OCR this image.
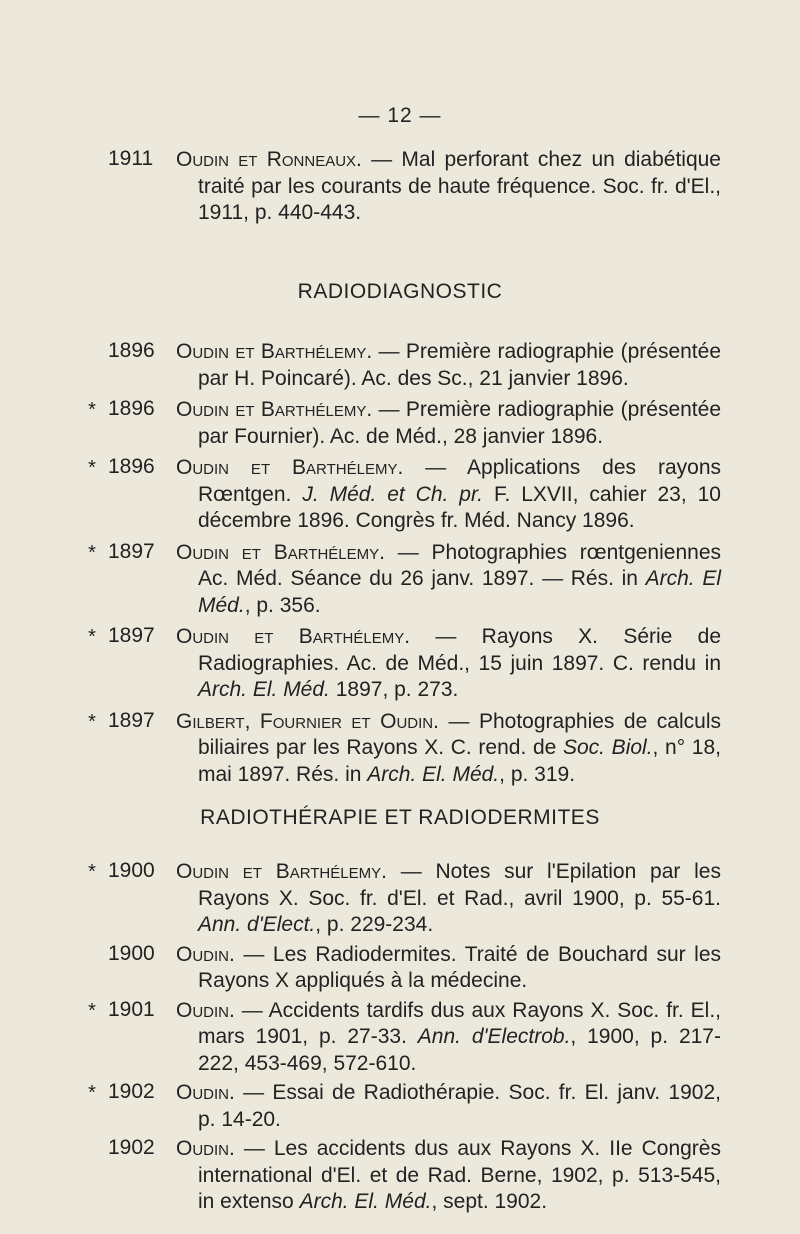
— 12 —
1911 Oudin et Ronneaux. — Mal perforant chez un diabétique traité par les courants de haute fréquence. Soc. fr. d'El., 1911, p. 440-443.
RADIODIAGNOSTIC
1896 Oudin et Barthélemy. — Première radiographie (présentée par H. Poincaré). Ac. des Sc., 21 janvier 1896.
* 1896 Oudin et Barthélemy. — Première radiographie (présentée par Fournier). Ac. de Méd., 28 janvier 1896.
* 1896 Oudin et Barthélemy. — Applications des rayons Rœntgen. J. Méd. et Ch. pr. F. LXVII, cahier 23, 10 décembre 1896. Congrès fr. Méd. Nancy 1896.
* 1897 Oudin et Barthélemy. — Photographies rœntgeniennes Ac. Méd. Séance du 26 janv. 1897. — Rés. in Arch. El Méd., p. 356.
* 1897 Oudin et Barthélemy. — Rayons X. Série de Radiographies. Ac. de Méd., 15 juin 1897. C. rendu in Arch. El. Méd. 1897, p. 273.
* 1897 Gilbert, Fournier et Oudin. — Photographies de calculs biliaires par les Rayons X. C. rend. de Soc. Biol., n° 18, mai 1897. Rés. in Arch. El. Méd., p. 319.
RADIOTHÉRAPIE ET RADIODERMITES
* 1900 Oudin et Barthélemy. — Notes sur l'Epilation par les Rayons X. Soc. fr. d'El. et Rad., avril 1900, p. 55-61. Ann. d'Elect., p. 229-234.
1900 Oudin. — Les Radiodermites. Traité de Bouchard sur les Rayons X appliqués à la médecine.
* 1901 Oudin. — Accidents tardifs dus aux Rayons X. Soc. fr. El., mars 1901, p. 27-33. Ann. d'Electrob., 1900, p. 217-222, 453-469, 572-610.
* 1902 Oudin. — Essai de Radiothérapie. Soc. fr. El. janv. 1902, p. 14-20.
1902 Oudin. — Les accidents dus aux Rayons X. IIe Congrès international d'El. et de Rad. Berne, 1902, p. 513-545, in extenso Arch. El. Méd., sept. 1902.
